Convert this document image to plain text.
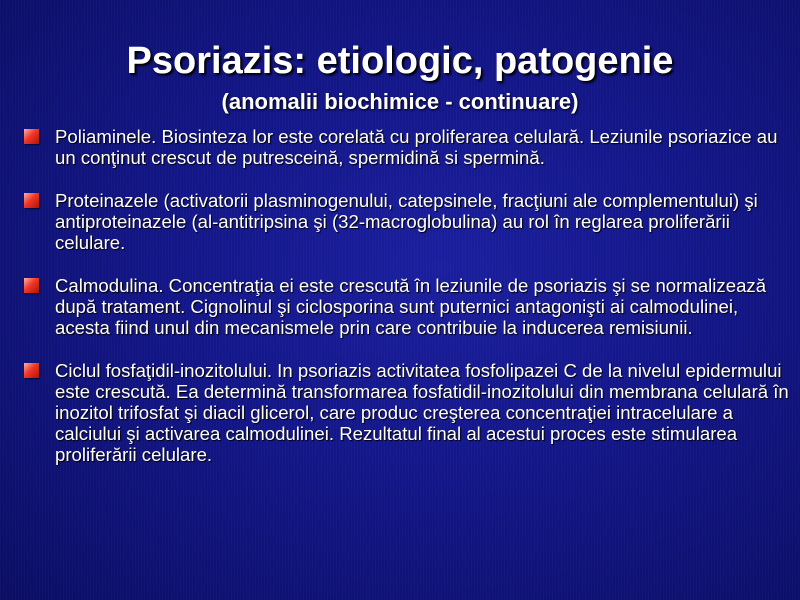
Psoriazis: etiologic, patogenie
(anomalii biochimice - continuare)
Poliaminele. Biosinteza lor este corelată cu proliferarea celulară. Leziunile psoriazice au un conţinut crescut de putresceină, spermidină si spermină.
Proteinazele (activatorii plasminogenului, catepsinele, fracţiuni ale complementului) şi antiproteinazele (al-antitripsina şi (32-macroglobulina) au rol în reglarea proliferării celulare.
Calmodulina. Concentraţia ei este crescută în leziunile de psoriazis şi se normalizează după tratament. Cignolinul şi ciclosporina sunt puternici antagonişti ai calmodulinei, acesta fiind unul din mecanismele prin care contribuie la inducerea remisiunii.
Ciclul fosfaţidil-inozitolului. In psoriazis activitatea fosfolipazei C de la nivelul epidermului este crescută. Ea determină transformarea fosfatidil-inozitolului din membrana celulară în inozitol trifosfat şi diacil glicerol, care produc creşterea concentraţiei intracelulare a calciului şi activarea calmodulinei. Rezultatul final al acestui proces este stimularea proliferării celulare.
